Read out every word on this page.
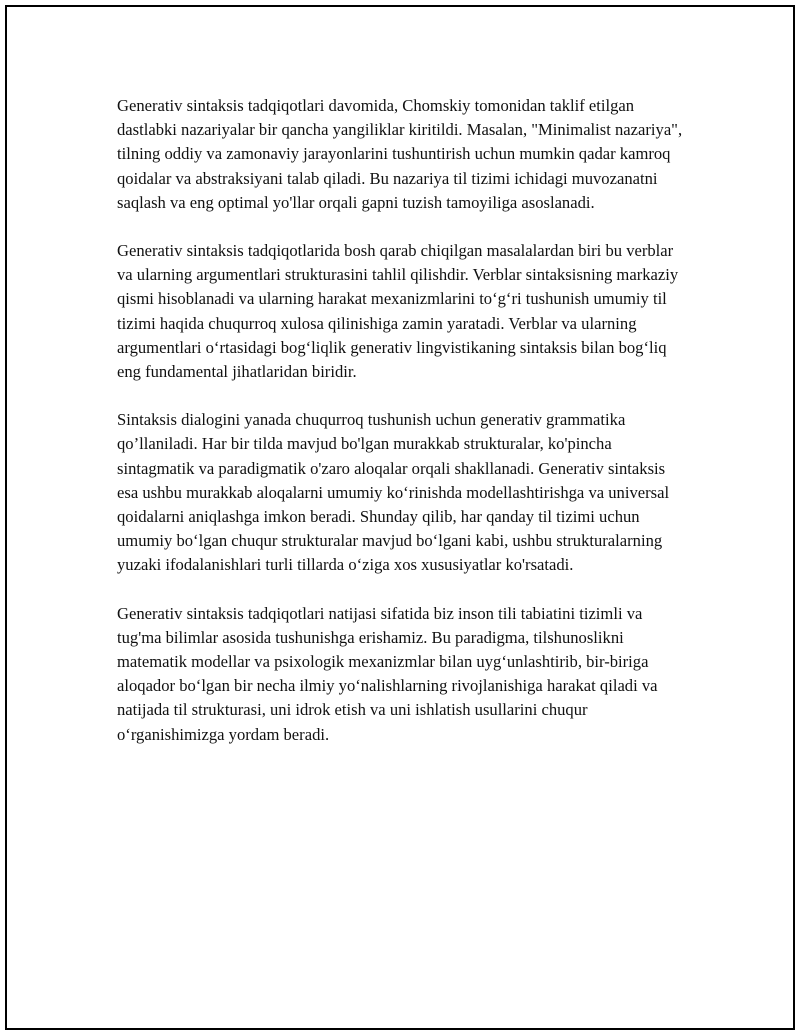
Generativ sintaksis tadqiqotlari davomida, Chomskiy tomonidan taklif etilgan dastlabki nazariyalar bir qancha yangiliklar kiritildi. Masalan, "Minimalist nazariya", tilning oddiy va zamonaviy jarayonlarini tushuntirish uchun mumkin qadar kamroq qoidalar va abstraksiyani talab qiladi. Bu nazariya til tizimi ichidagi muvozanatni saqlash va eng optimal yo'llar orqali gapni tuzish tamoyiliga asoslanadi.

Generativ sintaksis tadqiqotlarida bosh qarab chiqilgan masalalardan biri bu verblar va ularning argumentlari strukturasini tahlil qilishdir. Verblar sintaksisning markaziy qismi hisoblanadi va ularning harakat mexanizmlarini to‘g‘ri tushunish umumiy til tizimi haqida chuqurroq xulosa qilinishiga zamin yaratadi. Verblar va ularning argumentlari o‘rtasidagi bog‘liqlik generativ lingvistikaning sintaksis bilan bog‘liq eng fundamental jihatlaridan biridir.

Sintaksis dialogini yanada chuqurroq tushunish uchun generativ grammatika qo’llaniladi. Har bir tilda mavjud bo'lgan murakkab strukturalar, ko'pincha sintagmatik va paradigmatik o'zaro aloqalar orqali shakllanadi. Generativ sintaksis esa ushbu murakkab aloqalarni umumiy ko‘rinishda modellashtirishga va universal qoidalarni aniqlashga imkon beradi. Shunday qilib, har qanday til tizimi uchun umumiy bo‘lgan chuqur strukturalar mavjud bo‘lgani kabi, ushbu strukturalarning yuzaki ifodalanishlari turli tillarda o‘ziga xos xususiyatlar ko'rsatadi.

Generativ sintaksis tadqiqotlari natijasi sifatida biz inson tili tabiatini tizimli va tug'ma bilimlar asosida tushunishga erishamiz. Bu paradigma, tilshunoslikni matematik modellar va psixologik mexanizmlar bilan uyg‘unlashtirib, bir-biriga aloqador bo‘lgan bir necha ilmiy yo‘nalishlarning rivojlanishiga harakat qiladi va natijada til strukturasi, uni idrok etish va uni ishlatish usullarini chuqur o‘rganishimizga yordam beradi.
